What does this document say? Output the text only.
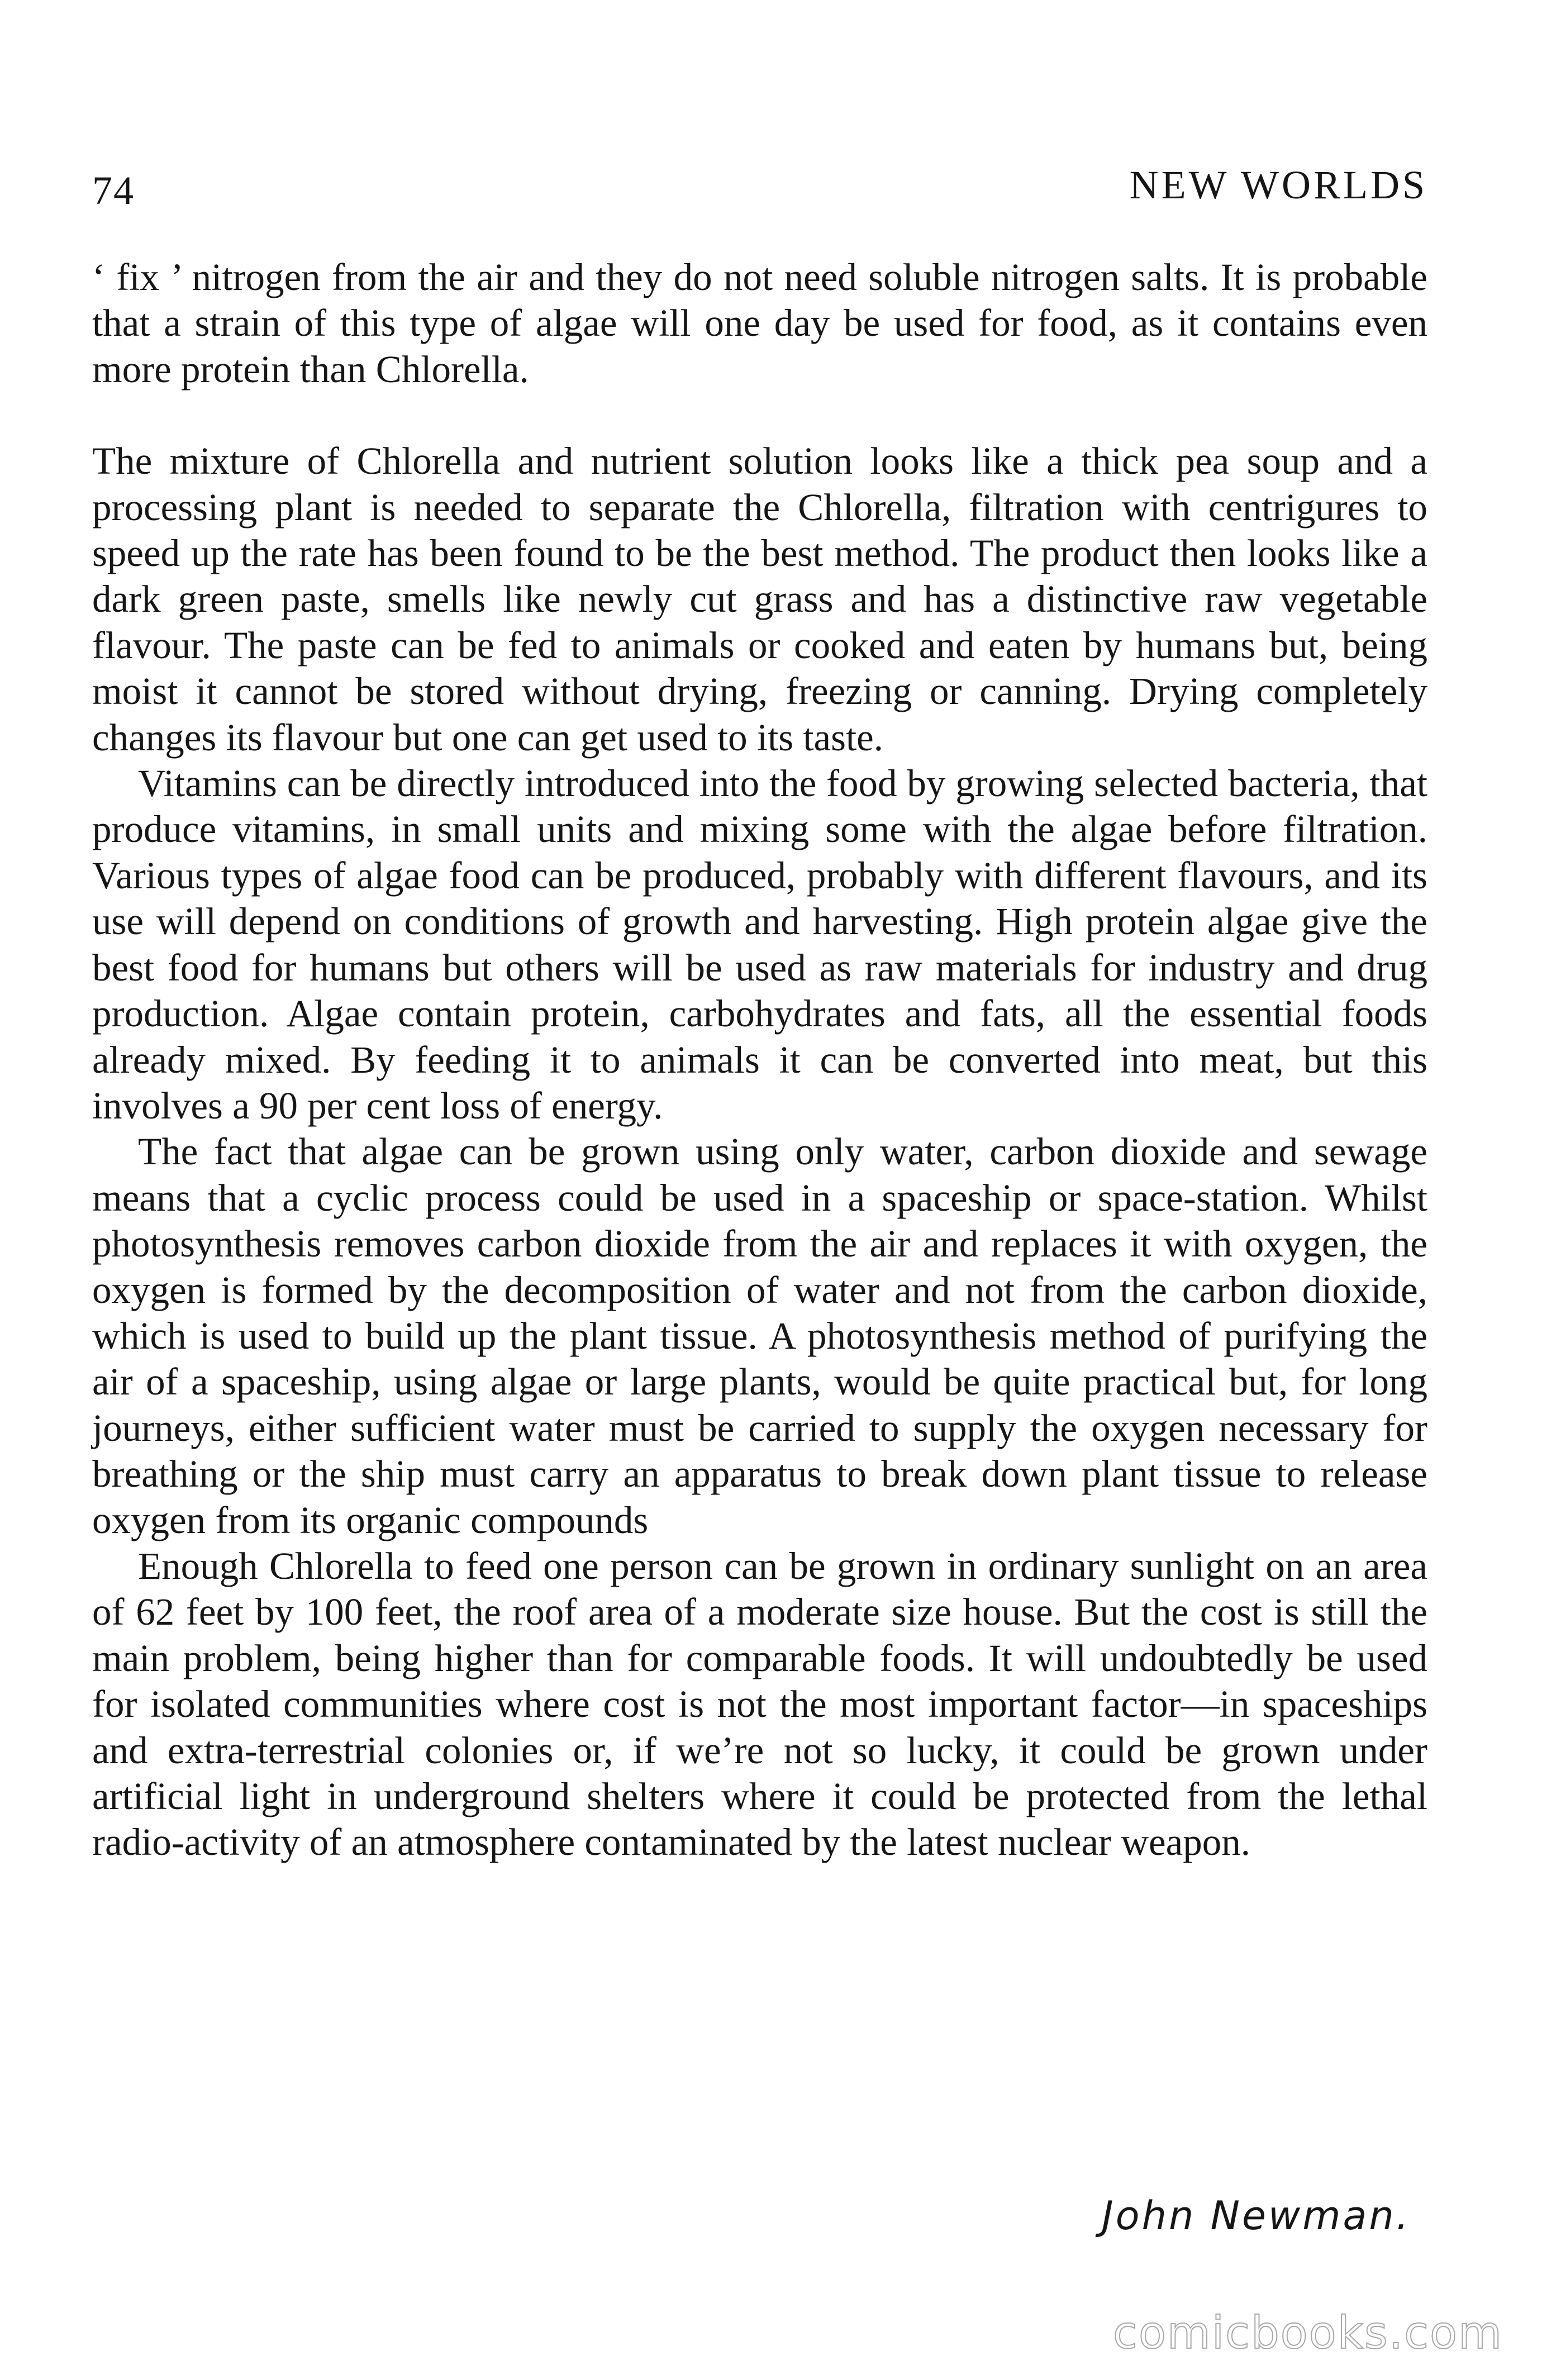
74	NEW WORLDS

‘ fix ’ nitrogen from the air and they do not need soluble nitrogen salts. It is probable that a strain of this type of algae will one day be used for food, as it contains even more protein than Chlorella.

The mixture of Chlorella and nutrient solution looks like a thick pea soup and a processing plant is needed to separate the Chlorella, filtration with centrigures to speed up the rate has been found to be the best method. The product then looks like a dark green paste, smells like newly cut grass and has a distinctive raw vegetable flavour. The paste can be fed to animals or cooked and eaten by humans but, being moist it cannot be stored without drying, freezing or canning. Drying completely changes its flavour but one can get used to its taste.

Vitamins can be directly introduced into the food by growing selected bacteria, that produce vitamins, in small units and mixing some with the algae before filtration. Various types of algae food can be produced, probably with different flavours, and its use will depend on conditions of growth and harvesting. High protein algae give the best food for humans but others will be used as raw materials for industry and drug production. Algae contain protein, carbohydrates and fats, all the essential foods already mixed. By feeding it to animals it can be converted into meat, but this involves a 90 per cent loss of energy.

The fact that algae can be grown using only water, carbon dioxide and sewage means that a cyclic process could be used in a spaceship or space-station. Whilst photosynthesis removes carbon dioxide from the air and replaces it with oxygen, the oxygen is formed by the decomposition of water and not from the carbon dioxide, which is used to build up the plant tissue. A photosynthesis method of purifying the air of a spaceship, using algae or large plants, would be quite practical but, for long journeys, either sufficient water must be carried to supply the oxygen necessary for breathing or the ship must carry an apparatus to break down plant tissue to release oxygen from its organic compounds

Enough Chlorella to feed one person can be grown in ordinary sunlight on an area of 62 feet by 100 feet, the roof area of a moderate size house. But the cost is still the main problem, being higher than for comparable foods. It will undoubtedly be used for isolated communities where cost is not the most important factor—in spaceships and extra-terrestrial colonies or, if we’re not so lucky, it could be grown under artificial light in underground shelters where it could be protected from the lethal radio-activity of an atmosphere contaminated by the latest nuclear weapon.

John Newman.
comicbooks.com
